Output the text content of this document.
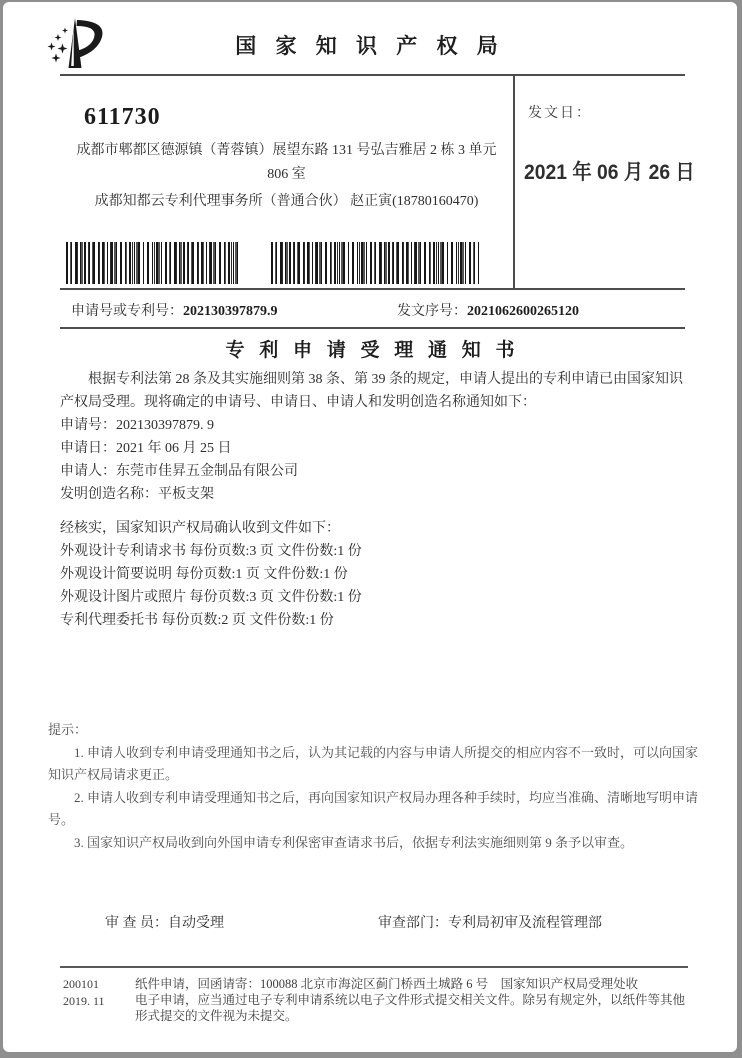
国 家 知 识 产 权 局
611730
成都市郫都区德源镇（菁蓉镇）展望东路 131 号弘吉雅居 2 栋 3 单元
806 室
成都知都云专利代理事务所（普通合伙） 赵正寅(18780160470)
发文日：
2021 年 06 月 26 日
申请号或专利号：202130397879.9	发文序号：2021062600265120
专 利 申 请 受 理 通 知 书

根据专利法第 28 条及其实施细则第 38 条、第 39 条的规定，申请人提出的专利申请已由国家知识产权局受理。现将确定的申请号、申请日、申请人和发明创造名称通知如下：

申请号：202130397879. 9

申请日：2021 年 06 月 25 日

申请人：东莞市佳昇五金制品有限公司

发明创造名称：平板支架

经核实，国家知识产权局确认收到文件如下：

外观设计专利请求书 每份页数:3 页 文件份数:1 份

外观设计简要说明 每份页数:1 页 文件份数:1 份

外观设计图片或照片 每份页数:3 页 文件份数:1 份

专利代理委托书 每份页数:2 页 文件份数:1 份

提示：

1. 申请人收到专利申请受理通知书之后，认为其记载的内容与申请人所提交的相应内容不一致时，可以向国家知识产权局请求更正。

2. 申请人收到专利申请受理通知书之后，再向国家知识产权局办理各种手续时，均应当准确、清晰地写明申请号。

3. 国家知识产权局收到向外国申请专利保密审查请求书后，依据专利法实施细则第 9 条予以审查。

审 查 员：自动受理	审查部门：专利局初审及流程管理部
200101
2019. 11

纸件申请，回函请寄：100088 北京市海淀区蓟门桥西土城路 6 号　国家知识产权局受理处收

电子申请，应当通过电子专利申请系统以电子文件形式提交相关文件。除另有规定外，以纸件等其他形式提交的文件视为未提交。
